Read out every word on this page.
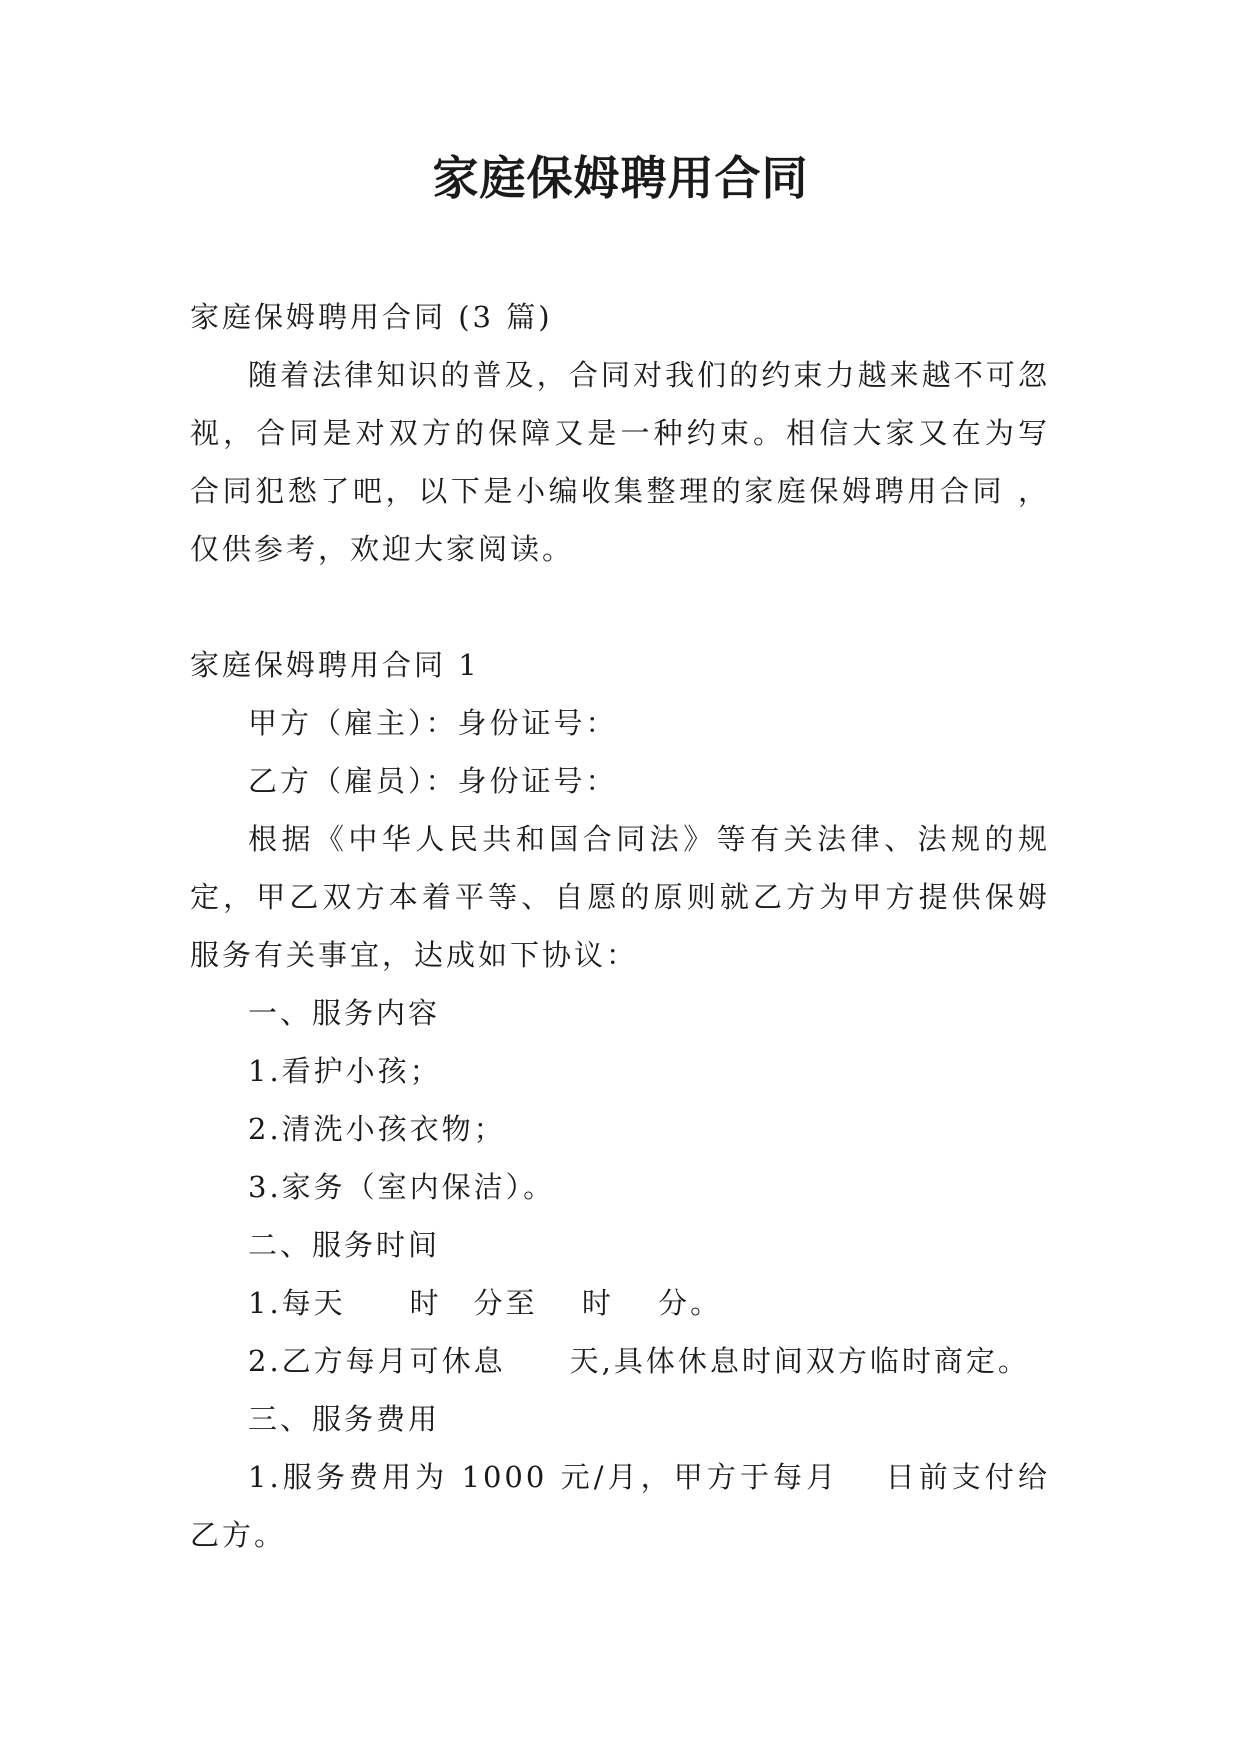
家庭保姆聘用合同

家庭保姆聘用合同 (3 篇)

随着法律知识的普及，合同对我们的约束力越来越不可忽视，合同是对双方的保障又是一种约束。相信大家又在为写合同犯愁了吧，以下是小编收集整理的家庭保姆聘用合同 ，仅供参考，欢迎大家阅读。

家庭保姆聘用合同 1

甲方（雇主）：身份证号：

乙方（雇员）：身份证号：

根据《中华人民共和国合同法》等有关法律、法规的规定，甲乙双方本着平等、自愿的原则就乙方为甲方提供保姆服务有关事宜，达成如下协议：

一、服务内容

1.看护小孩；

2.清洗小孩衣物；

3.家务（室内保洁）。

二、服务时间

1.每天　　时　分至　 时　 分。

2.乙方每月可休息　　天,具体休息时间双方临时商定。

三、服务费用

1.服务费用为 1000 元/月，甲方于每月　 日前支付给乙方。
